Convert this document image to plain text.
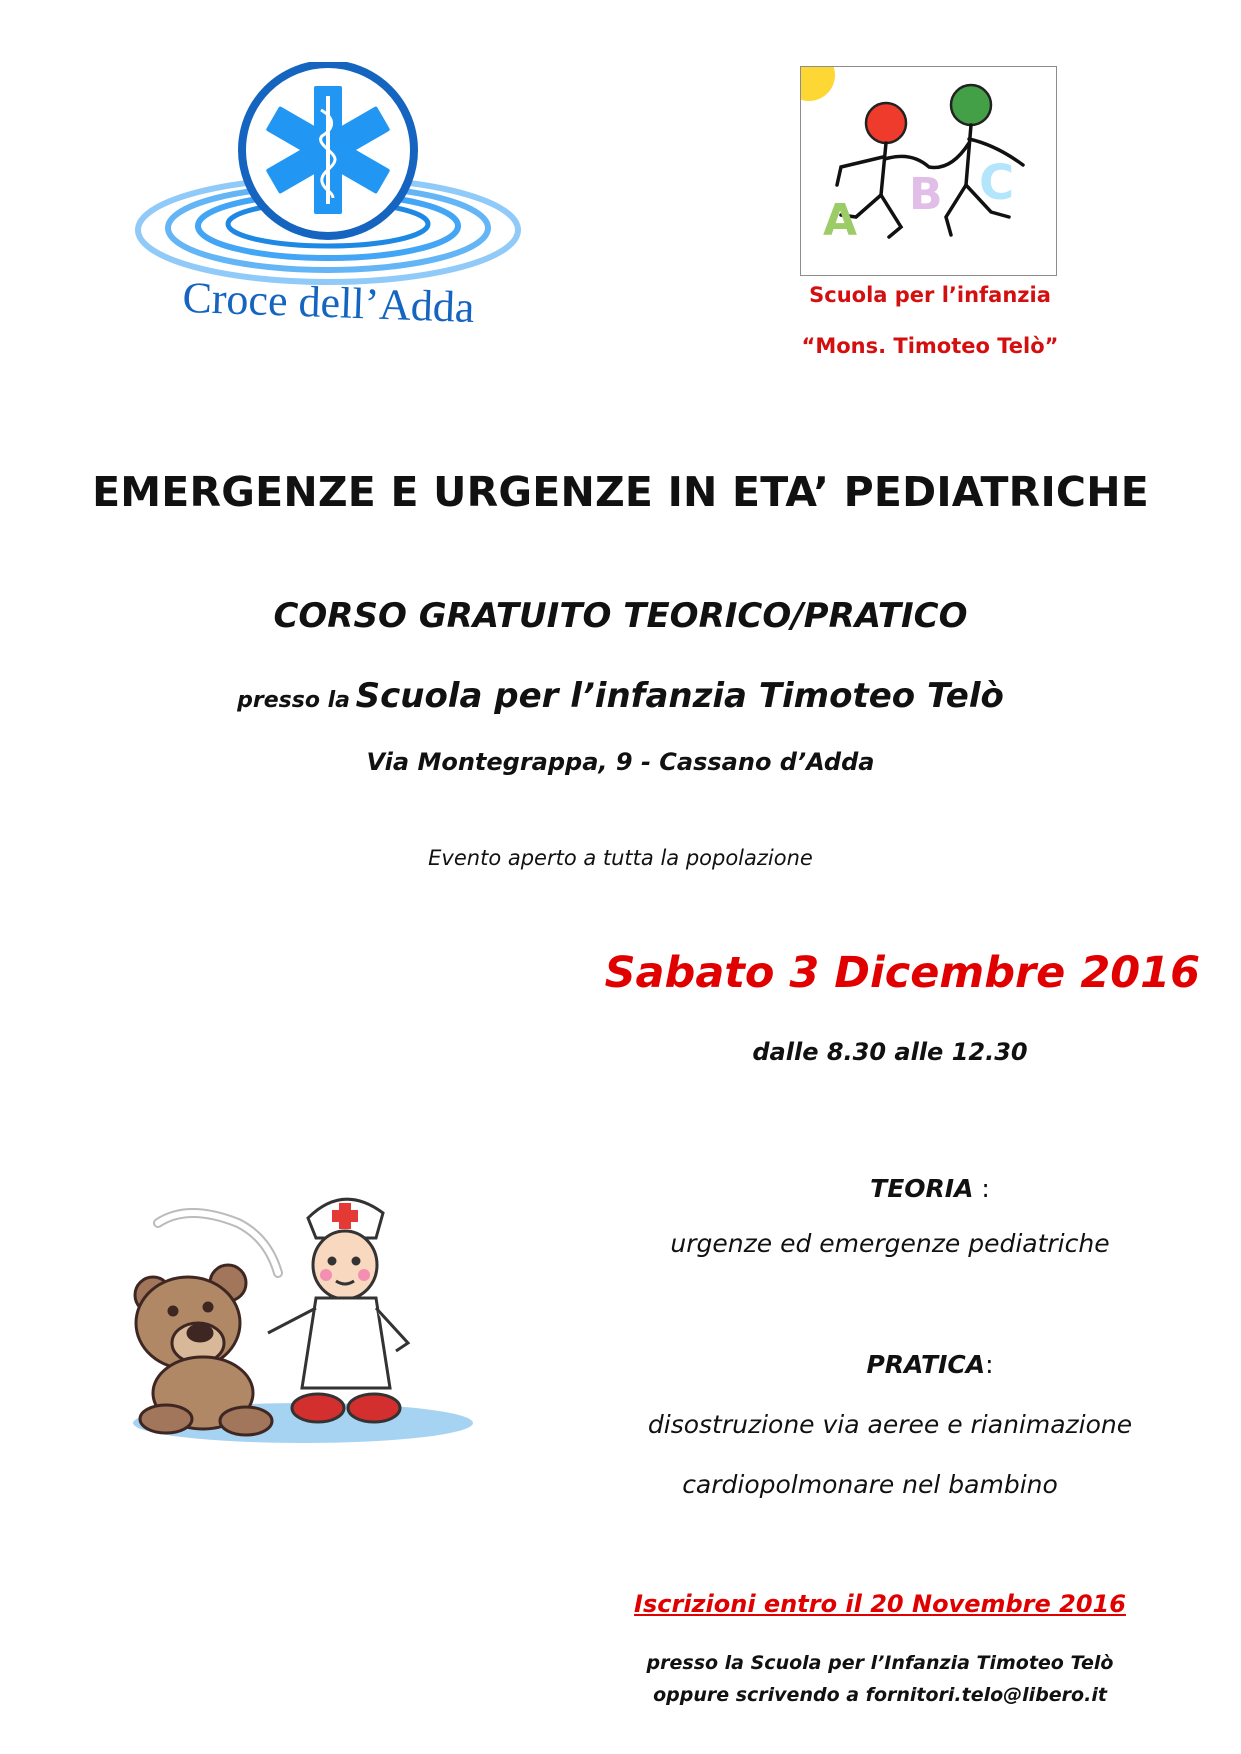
Croce dell’Adda
A
B C
Scuola per l’infanzia
“Mons. Timoteo Telò”
EMERGENZE E URGENZE IN ETA’ PEDIATRICHE
CORSO GRATUITO TEORICO/PRATICO
presso la Scuola per l’infanzia Timoteo Telò
Via Montegrappa, 9 - Cassano d’Adda
Evento aperto a tutta la popolazione
Sabato 3 Dicembre 2016
dalle 8.30 alle 12.30
TEORIA :
urgenze ed emergenze pediatriche
PRATICA:
disostruzione via aeree e rianimazione
cardiopolmonare nel bambino
Iscrizioni entro il 20 Novembre 2016
presso la Scuola per l’Infanzia Timoteo Telò
oppure scrivendo a fornitori.telo@libero.it
